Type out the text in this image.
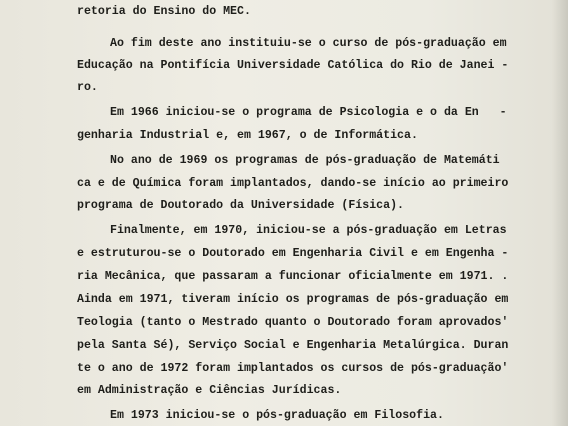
retoria do Ensino do MEC.
Ao fim deste ano instituiu-se o curso de pós-graduação em
Educação na Pontifícia Universidade Católica do Rio de Janei -
ro.
Em 1966 iniciou-se o programa de Psicologia e o da En   -
genharia Industrial e, em 1967, o de Informática.
No ano de 1969 os programas de pós-graduação de Matemáti
ca e de Química foram implantados, dando-se início ao primeiro
programa de Doutorado da Universidade (Física).
Finalmente, em 1970, iniciou-se a pós-graduação em Letras
e estruturou-se o Doutorado em Engenharia Civil e em Engenha -
ria Mecânica, que passaram a funcionar oficialmente em 1971. .
Ainda em 1971, tiveram início os programas de pós-graduação em
Teologia (tanto o Mestrado quanto o Doutorado foram aprovados'
pela Santa Sé), Serviço Social e Engenharia Metalúrgica. Duran
te o ano de 1972 foram implantados os cursos de pós-graduação'
em Administração e Ciências Jurídicas.
Em 1973 iniciou-se o pós-graduação em Filosofia.
